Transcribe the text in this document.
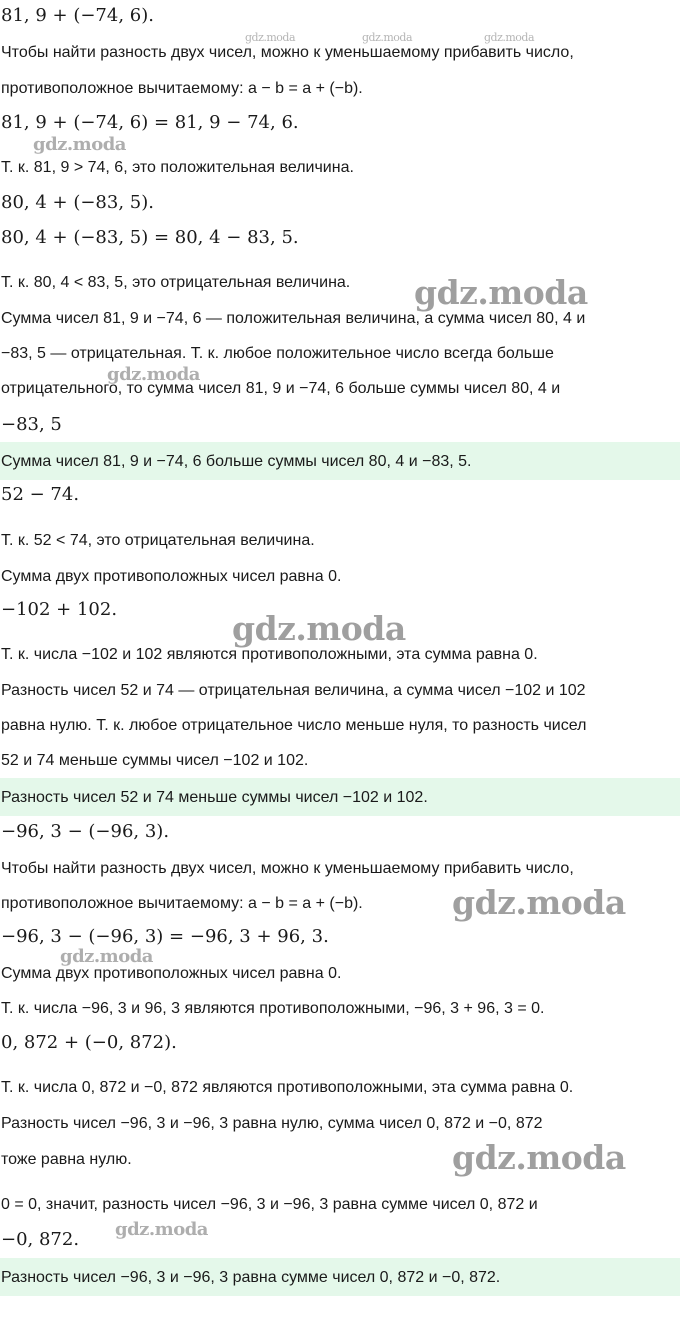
81, 9 + (−74, 6).
Чтобы найти разность двух чисел, можно к уменьшаемому прибавить число,
противоположное вычитаемому: a − b = a + (−b).
81, 9 + (−74, 6) = 81, 9 − 74, 6.
Т. к. 81, 9 > 74, 6, это положительная величина.
80, 4 + (−83, 5).
80, 4 + (−83, 5) = 80, 4 − 83, 5.
Т. к. 80, 4 < 83, 5, это отрицательная величина.
Сумма чисел 81, 9 и −74, 6 — положительная величина, а сумма чисел 80, 4 и
−83, 5 — отрицательная. Т. к. любое положительное число всегда больше
отрицательного, то сумма чисел 81, 9 и −74, 6 больше суммы чисел 80, 4 и
−83, 5
Сумма чисел 81, 9 и −74, 6 больше суммы чисел 80, 4 и −83, 5.
52 − 74.
Т. к. 52 < 74, это отрицательная величина.
Сумма двух противоположных чисел равна 0.
−102 + 102.
Т. к. числа −102 и 102 являются противоположными, эта сумма равна 0.
Разность чисел 52 и 74 — отрицательная величина, а сумма чисел −102 и 102
равна нулю. Т. к. любое отрицательное число меньше нуля, то разность чисел
52 и 74 меньше суммы чисел −102 и 102.
Разность чисел 52 и 74 меньше суммы чисел −102 и 102.
−96, 3 − (−96, 3).
Чтобы найти разность двух чисел, можно к уменьшаемому прибавить число,
противоположное вычитаемому: a − b = a + (−b).
−96, 3 − (−96, 3) = −96, 3 + 96, 3.
Сумма двух противоположных чисел равна 0.
Т. к. числа −96, 3 и 96, 3 являются противоположными, −96, 3 + 96, 3 = 0.
0, 872 + (−0, 872).
Т. к. числа 0, 872 и −0, 872 являются противоположными, эта сумма равна 0.
Разность чисел −96, 3 и −96, 3 равна нулю, сумма чисел 0, 872 и −0, 872
тоже равна нулю.
0 = 0, значит, разность чисел −96, 3 и −96, 3 равна сумме чисел 0, 872 и
−0, 872.
Разность чисел −96, 3 и −96, 3 равна сумме чисел 0, 872 и −0, 872.
gdz.moda	gdz.moda	gdz.moda
gdz.moda
gdz.moda
gdz.moda
gdz.moda
gdz.moda
gdz.moda
gdz.moda
gdz.moda
